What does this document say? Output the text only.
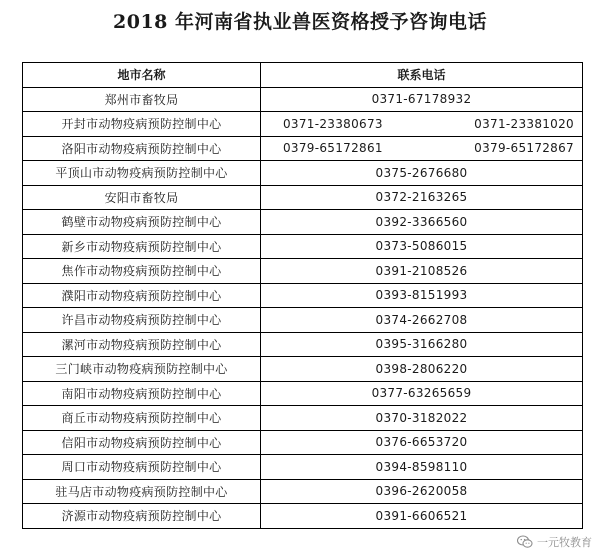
2018 年河南省执业兽医资格授予咨询电话
地市名称	联系电话
郑州市畜牧局	0371-67178932
开封市动物疫病预防控制中心	0371-23380673 0371-23381020

洛阳市动物疫病预防控制中心	0379-65172861 0379-65172867

平顶山市动物疫病预防控制中心	0375-2676680
安阳市畜牧局	0372-2163265
鹤壁市动物疫病预防控制中心	0392-3366560
新乡市动物疫病预防控制中心	0373-5086015
焦作市动物疫病预防控制中心	0391-2108526
濮阳市动物疫病预防控制中心	0393-8151993
许昌市动物疫病预防控制中心	0374-2662708
漯河市动物疫病预防控制中心	0395-3166280
三门峡市动物疫病预防控制中心	0398-2806220
南阳市动物疫病预防控制中心	0377-63265659
商丘市动物疫病预防控制中心	0370-3182022
信阳市动物疫病预防控制中心	0376-6653720
周口市动物疫病预防控制中心	0394-8598110
驻马店市动物疫病预防控制中心	0396-2620058
济源市动物疫病预防控制中心	0391-6606521
一元牧教育
